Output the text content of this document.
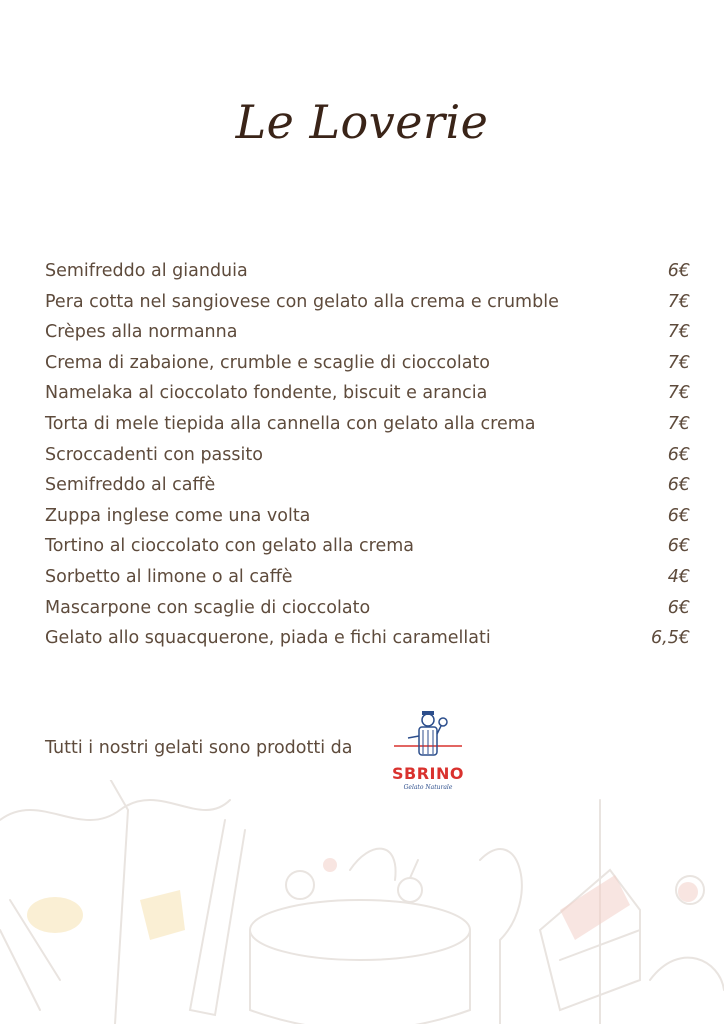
Le Loverie
Semifreddo al gianduia	6€
Pera cotta nel sangiovese con gelato alla crema e crumble	7€
Crèpes alla normanna	7€
Crema di zabaione, crumble e scaglie di cioccolato	7€
Namelaka al cioccolato fondente, biscuit e arancia	7€
Torta di mele tiepida alla cannella con gelato alla crema	7€
Scroccadenti con passito	6€
Semifreddo al caffè	6€
Zuppa inglese come una volta	6€
Tortino al cioccolato con gelato alla crema	6€
Sorbetto al limone o al caffè	4€
Mascarpone con scaglie di cioccolato	6€
Gelato allo squacquerone, piada e fichi caramellati	6,5€
Tutti i nostri gelati sono prodotti da
SBRINO
Gelato Naturale
